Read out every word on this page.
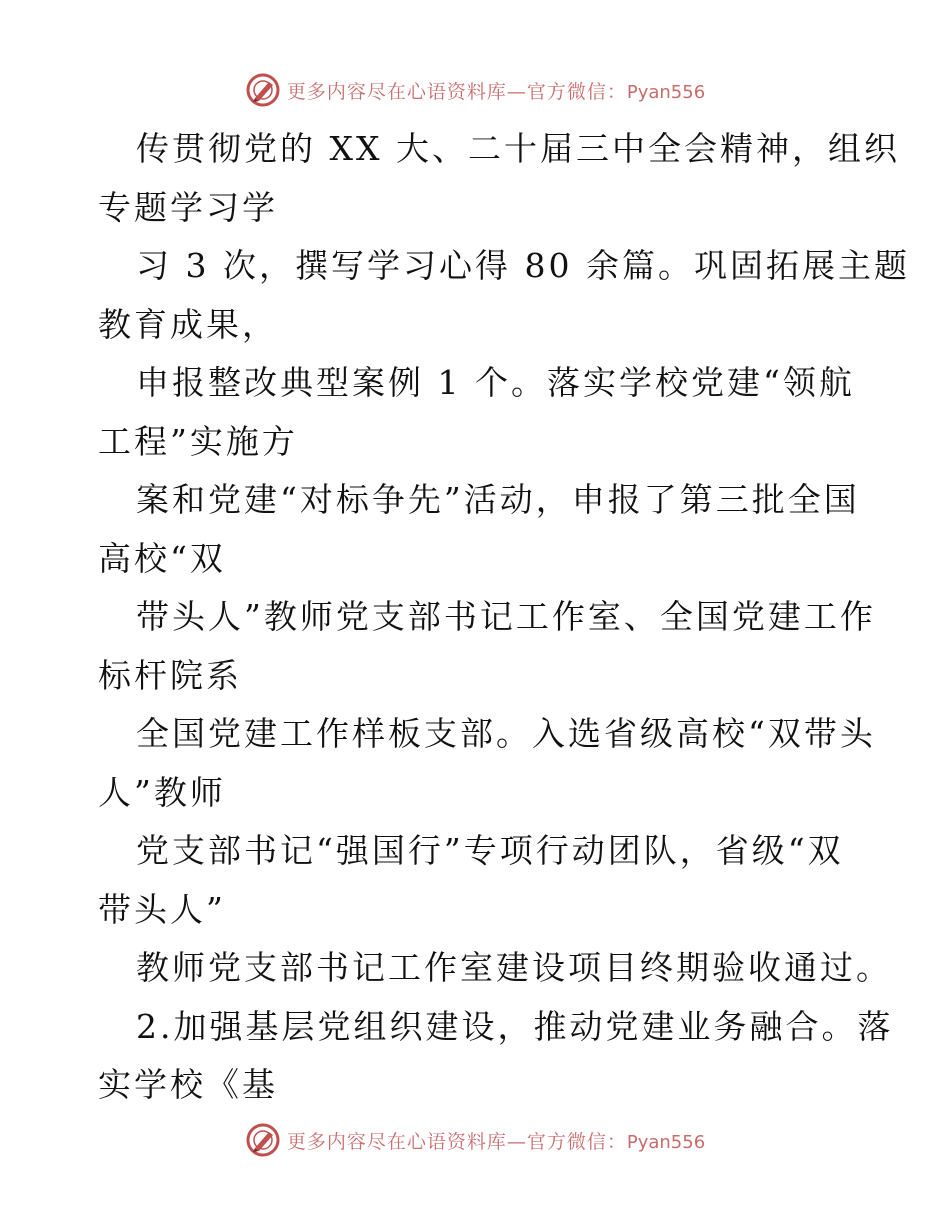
更多内容尽在心语资料库—官方微信：Pyan556
传贯彻党的 XX 大、二十届三中全会精神，组织
专题学习学
习 3 次，撰写学习心得 80 余篇。巩固拓展主题
教育成果，
申报整改典型案例 1 个。落实学校党建“领航
工程”实施方
案和党建“对标争先”活动，申报了第三批全国
高校“双
带头人”教师党支部书记工作室、全国党建工作
标杆院系
全国党建工作样板支部。入选省级高校“双带头
人”教师
党支部书记“强国行”专项行动团队，省级“双
带头人”
教师党支部书记工作室建设项目终期验收通过。
2.加强基层党组织建设，推动党建业务融合。落
实学校《基
更多内容尽在心语资料库—官方微信：Pyan556
